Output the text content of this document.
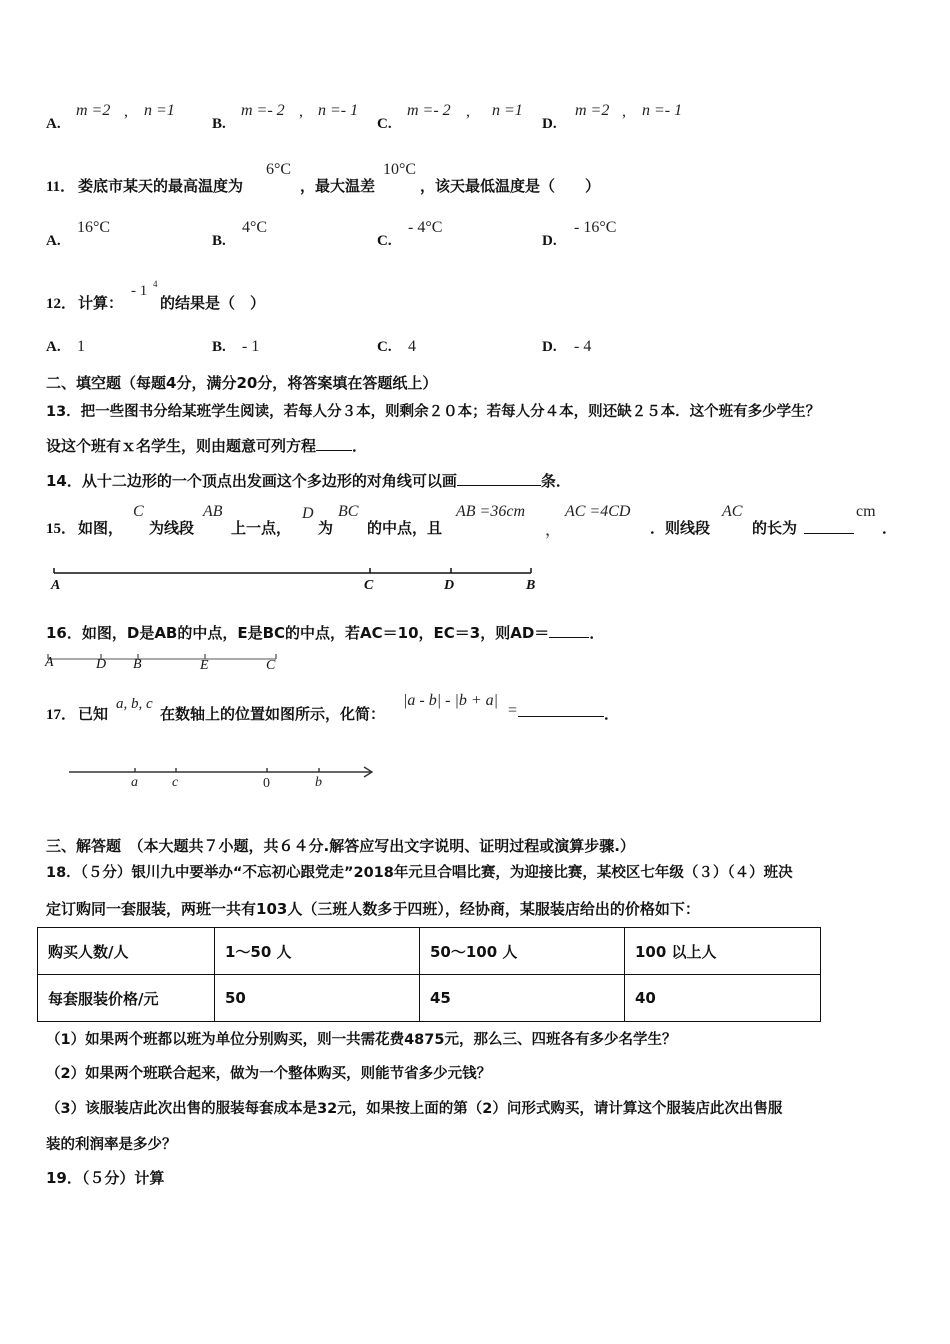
A.
m =2 , n =1
B.
m =- 2 , n =- 1
C.
m =- 2 , n =1
D.
m =2 , n =- 1
11． 娄底市某天的最高温度为
6°C
，最大温差
10°C
，该天最低温度是（　　）
A.
16°C
B.
4°C
C.
- 4°C
D.
- 16°C
12． 计算：
- 1 4
的结果是（　）
A. 1	B. - 1	C. 4	D. - 4
二、填空题（每题4分，满分20分，将答案填在答题纸上）
13．把一些图书分给某班学生阅读，若每人分３本，则剩余２０本；若每人分４本，则还缺２５本．这个班有多少学生？
设这个班有ｘ名学生，则由题意可列方程 ．
14．从十二边形的一个顶点出发画这个多边形的对角线可以画	条．
15． 如图，
C
为线段
AB
上一点，
D
为
BC
的中点，且
AB =36cm
，
AC =4CD
．则线段
AC
的长为
cm
．
A	C	D	B
16．如图，D是AB的中点，E是BC的中点，若AC＝10，EC＝3，则AD＝	．
A	D B	E	C
17． 已知
a, b, c
在数轴上的位置如图所示，化简：
|a - b| - |b + a|
=	．
a c	0	b
三、解答题　（本大题共７小题，共６４分.解答应写出文字说明、证明过程或演算步骤.）
18．（５分）银川九中要举办“不忘初心跟党走”2018年元旦合唱比赛，为迎接比赛，某校区七年级（３）（４）班决
定订购同一套服装，两班一共有103人（三班人数多于四班），经协商，某服装店给出的价格如下：
购买人数/人	1～50 人	50～100 人	100 以上人
每套服装价格/元	50	45	40
（1）如果两个班都以班为单位分别购买，则一共需花费4875元，那么三、四班各有多少名学生？
（2）如果两个班联合起来，做为一个整体购买，则能节省多少元钱？
（3）该服装店此次出售的服装每套成本是32元，如果按上面的第（2）问形式购买，请计算这个服装店此次出售服
装的利润率是多少？
19．（５分）计算
